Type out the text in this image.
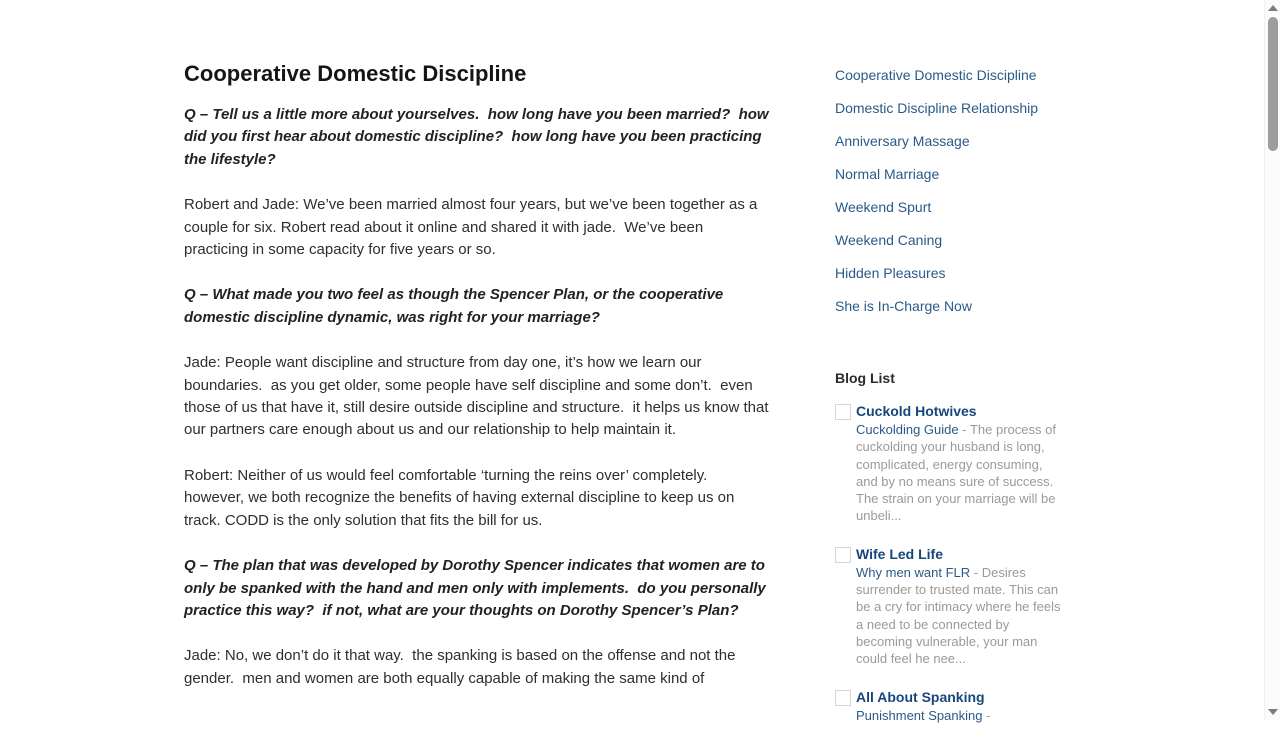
Cooperative Domestic Discipline

Q – Tell us a little more about yourselves.  how long have you been married?  how did you first hear about domestic discipline?  how long have you been practicing the lifestyle?

Robert and Jade: We’ve been married almost four years, but we’ve been together as a couple for six. Robert read about it online and shared it with jade.  We’ve been practicing in some capacity for five years or so.

Q – What made you two feel as though the Spencer Plan, or the cooperative domestic discipline dynamic, was right for your marriage?

Jade: People want discipline and structure from day one, it’s how we learn our boundaries.  as you get older, some people have self discipline and some don’t.  even those of us that have it, still desire outside discipline and structure.  it helps us know that our partners care enough about us and our relationship to help maintain it.

Robert: Neither of us would feel comfortable ‘turning the reins over’ completely. however, we both recognize the benefits of having external discipline to keep us on track. CODD is the only solution that fits the bill for us.

Q – The plan that was developed by Dorothy Spencer indicates that women are to only be spanked with the hand and men only with implements.  do you personally practice this way?  if not, what are your thoughts on Dorothy Spencer’s Plan?

Jade: No, we don’t do it that way.  the spanking is based on the offense and not the gender.  men and women are both equally capable of making the same kind of

Cooperative Domestic Discipline
Domestic Discipline Relationship
Anniversary Massage
Normal Marriage
Weekend Spurt
Weekend Caning
Hidden Pleasures
She is In-Charge Now
Blog List
Cuckold Hotwives

Cuckolding Guide - The process of cuckolding your husband is long, complicated, energy consuming, and by no means sure of success. The strain on your marriage will be unbeli...

Wife Led Life

Why men want FLR - Desires surrender to trusted mate. This can be a cry for intimacy where he feels a need to be connected by becoming vulnerable, your man could feel he nee...

All About Spanking

Punishment Spanking -
